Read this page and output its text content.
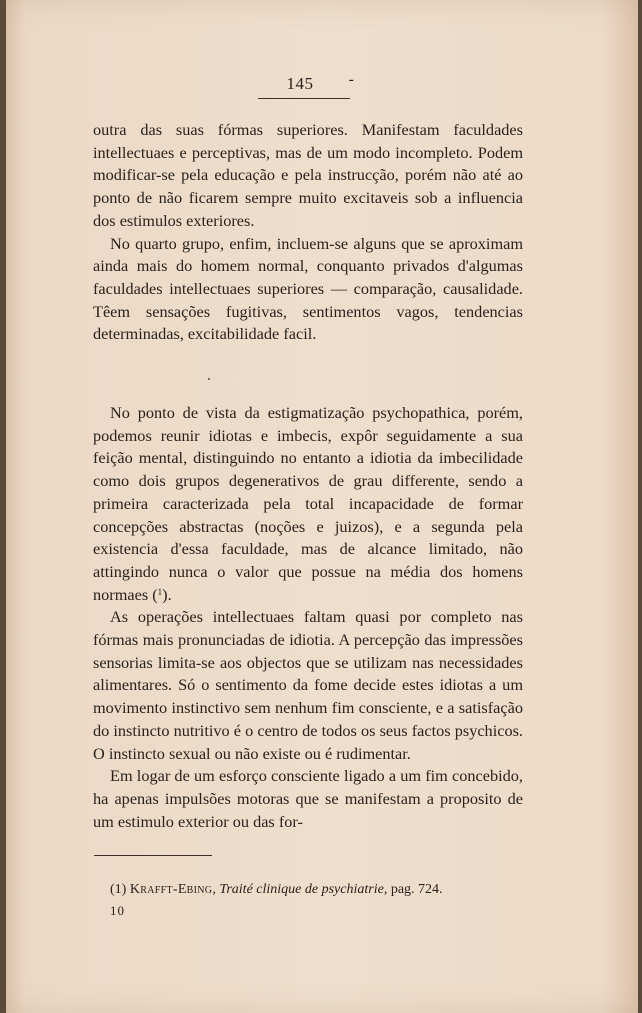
145 -

outra das suas fórmas superiores. Manifestam faculdades intellectuaes e perceptivas, mas de um modo incompleto. Podem modificar-se pela educação e pela instrucção, porém não até ao ponto de não ficarem sempre muito excitaveis sob a influencia dos estimulos exteriores.

No quarto grupo, enfim, incluem-se alguns que se aproximam ainda mais do homem normal, conquanto privados d'algumas faculdades intellectuaes superiores — comparação, causalidade. Têem sensações fugitivas, sentimentos vagos, tendencias determinadas, excitabilidade facil.

No ponto de vista da estigmatização psychopathica, porém, podemos reunir idiotas e imbecis, expôr seguidamente a sua feição mental, distinguindo no entanto a idiotia da imbecilidade como dois grupos degenerativos de grau differente, sendo a primeira caracterizada pela total incapacidade de formar concepções abstractas (noções e juizos), e a segunda pela existencia d'essa faculdade, mas de alcance limitado, não attingindo nunca o valor que possue na média dos homens normaes ($^1$).

As operações intellectuaes faltam quasi por completo nas fórmas mais pronunciadas de idiotia. A percepção das impressões sensorias limita-se aos objectos que se utilizam nas necessidades alimentares. Só o sentimento da fome decide estes idiotas a um movimento instinctivo sem nenhum fim consciente, e a satisfação do instincto nutritivo é o centro de todos os seus factos psychicos. O instincto sexual ou não existe ou é rudimentar.

Em logar de um esforço consciente ligado a um fim concebido, ha apenas impulsões motoras que se manifestam a proposito de um estimulo exterior ou das for-

(1) Krafft-Ebing, Traité clinique de psychiatrie, pag. 724.
10
